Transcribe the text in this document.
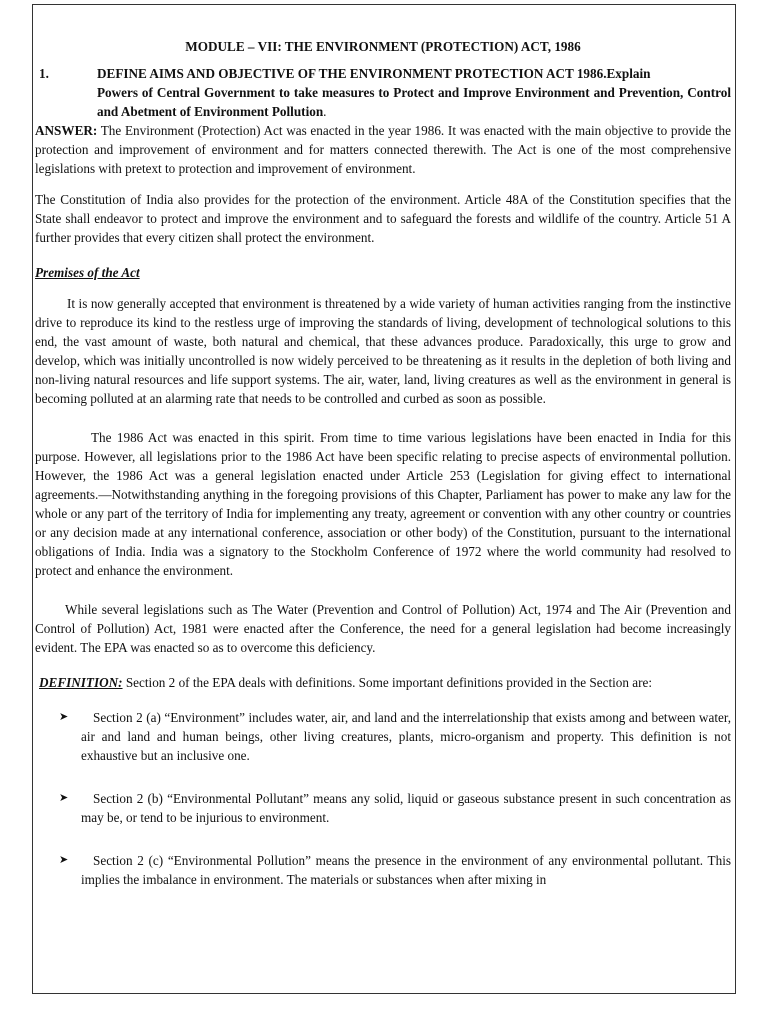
MODULE – VII: THE ENVIRONMENT (PROTECTION) ACT, 1986
1.	DEFINE AIMS AND OBJECTIVE OF THE ENVIRONMENT PROTECTION ACT 1986.Explain
Powers of Central Government to take measures to Protect and Improve Environment and Prevention, Control and Abetment of Environment Pollution.

ANSWER: The Environment (Protection) Act was enacted in the year 1986. It was enacted with the main objective to provide the protection and improvement of environment and for matters connected therewith. The Act is one of the most comprehensive legislations with pretext to protection and improvement of environment.

The Constitution of India also provides for the protection of the environment. Article 48A of the Constitution specifies that the State shall endeavor to protect and improve the environment and to safeguard the forests and wildlife of the country. Article 51 A further provides that every citizen shall protect the environment.

Premises of the Act

It is now generally accepted that environment is threatened by a wide variety of human activities ranging from the instinctive drive to reproduce its kind to the restless urge of improving the standards of living, development of technological solutions to this end, the vast amount of waste, both natural and chemical, that these advances produce. Paradoxically, this urge to grow and develop, which was initially uncontrolled is now widely perceived to be threatening as it results in the depletion of both living and non-living natural resources and life support systems. The air, water, land, living creatures as well as the environment in general is becoming polluted at an alarming rate that needs to be controlled and curbed as soon as possible.

The 1986 Act was enacted in this spirit. From time to time various legislations have been enacted in India for this purpose. However, all legislations prior to the 1986 Act have been specific relating to precise aspects of environmental pollution. However, the 1986 Act was a general legislation enacted under Article 253 (Legislation for giving effect to international agreements.—Notwithstanding anything in the foregoing provisions of this Chapter, Parliament has power to make any law for the whole or any part of the territory of India for implementing any treaty, agreement or convention with any other country or countries or any decision made at any international conference, association or other body) of the Constitution, pursuant to the international obligations of India. India was a signatory to the Stockholm Conference of 1972 where the world community had resolved to protect and enhance the environment.

While several legislations such as The Water (Prevention and Control of Pollution) Act, 1974 and The Air (Prevention and Control of Pollution) Act, 1981 were enacted after the Conference, the need for a general legislation had become increasingly evident. The EPA was enacted so as to overcome this deficiency.

DEFINITION: Section 2 of the EPA deals with definitions. Some important definitions provided in the Section are:

➤	Section 2 (a) “Environment” includes water, air, and land and the interrelationship that exists among and between water, air and land and human beings, other living creatures, plants, micro-organism and property. This definition is not exhaustive but an inclusive one.
➤	Section 2 (b) “Environmental Pollutant” means any solid, liquid or gaseous substance present in such concentration as may be, or tend to be injurious to environment.
➤	Section 2 (c) “Environmental Pollution” means the presence in the environment of any environmental pollutant. This implies the imbalance in environment. The materials or substances when after mixing in
